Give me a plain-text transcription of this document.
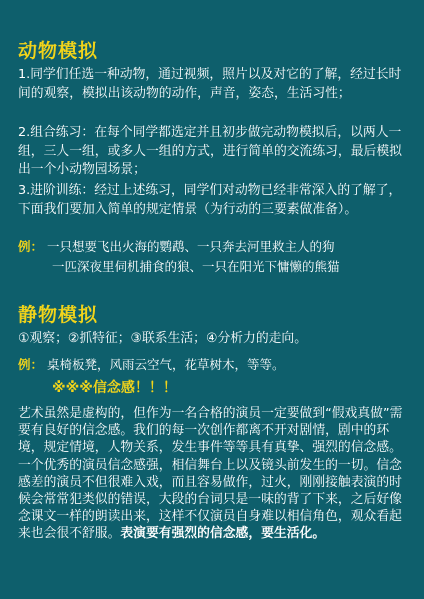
动物模拟
1.同学们任选一种动物，通过视频，照片以及对它的了解，经过长时间的观察，模拟出该动物的动作，声音，姿态，生活习性；
2.组合练习：在每个同学都选定并且初步做完动物模拟后，以两人一组，三人一组，或多人一组的方式，进行简单的交流练习，最后模拟出一个小动物园场景；
3.进阶训练：经过上述练习，同学们对动物已经非常深入的了解了，下面我们要加入简单的规定情景（为行动的三要素做准备）。
例： 一只想要飞出火海的鹦鹉、一只奔去河里救主人的狗
一匹深夜里伺机捕食的狼、一只在阳光下慵懒的熊猫
静物模拟
①观察；②抓特征；③联系生活；④分析力的走向。
例： 桌椅板凳，风雨云空气，花草树木，等等。
※※※信念感！！！
艺术虽然是虚构的，但作为一名合格的演员一定要做到“假戏真做”需要有良好的信念感。我们的每一次创作都离不开对剧情，剧中的环境，规定情境，人物关系，发生事件等等具有真挚、强烈的信念感。一个优秀的演员信念感强，相信舞台上以及镜头前发生的一切。信念感差的演员不但很难入戏，而且容易做作，过火，刚刚接触表演的时候会常常犯类似的错误，大段的台词只是一味的背了下来，之后好像念课文一样的朗读出来，这样不仅演员自身难以相信角色，观众看起来也会很不舒服。表演要有强烈的信念感，要生活化。
